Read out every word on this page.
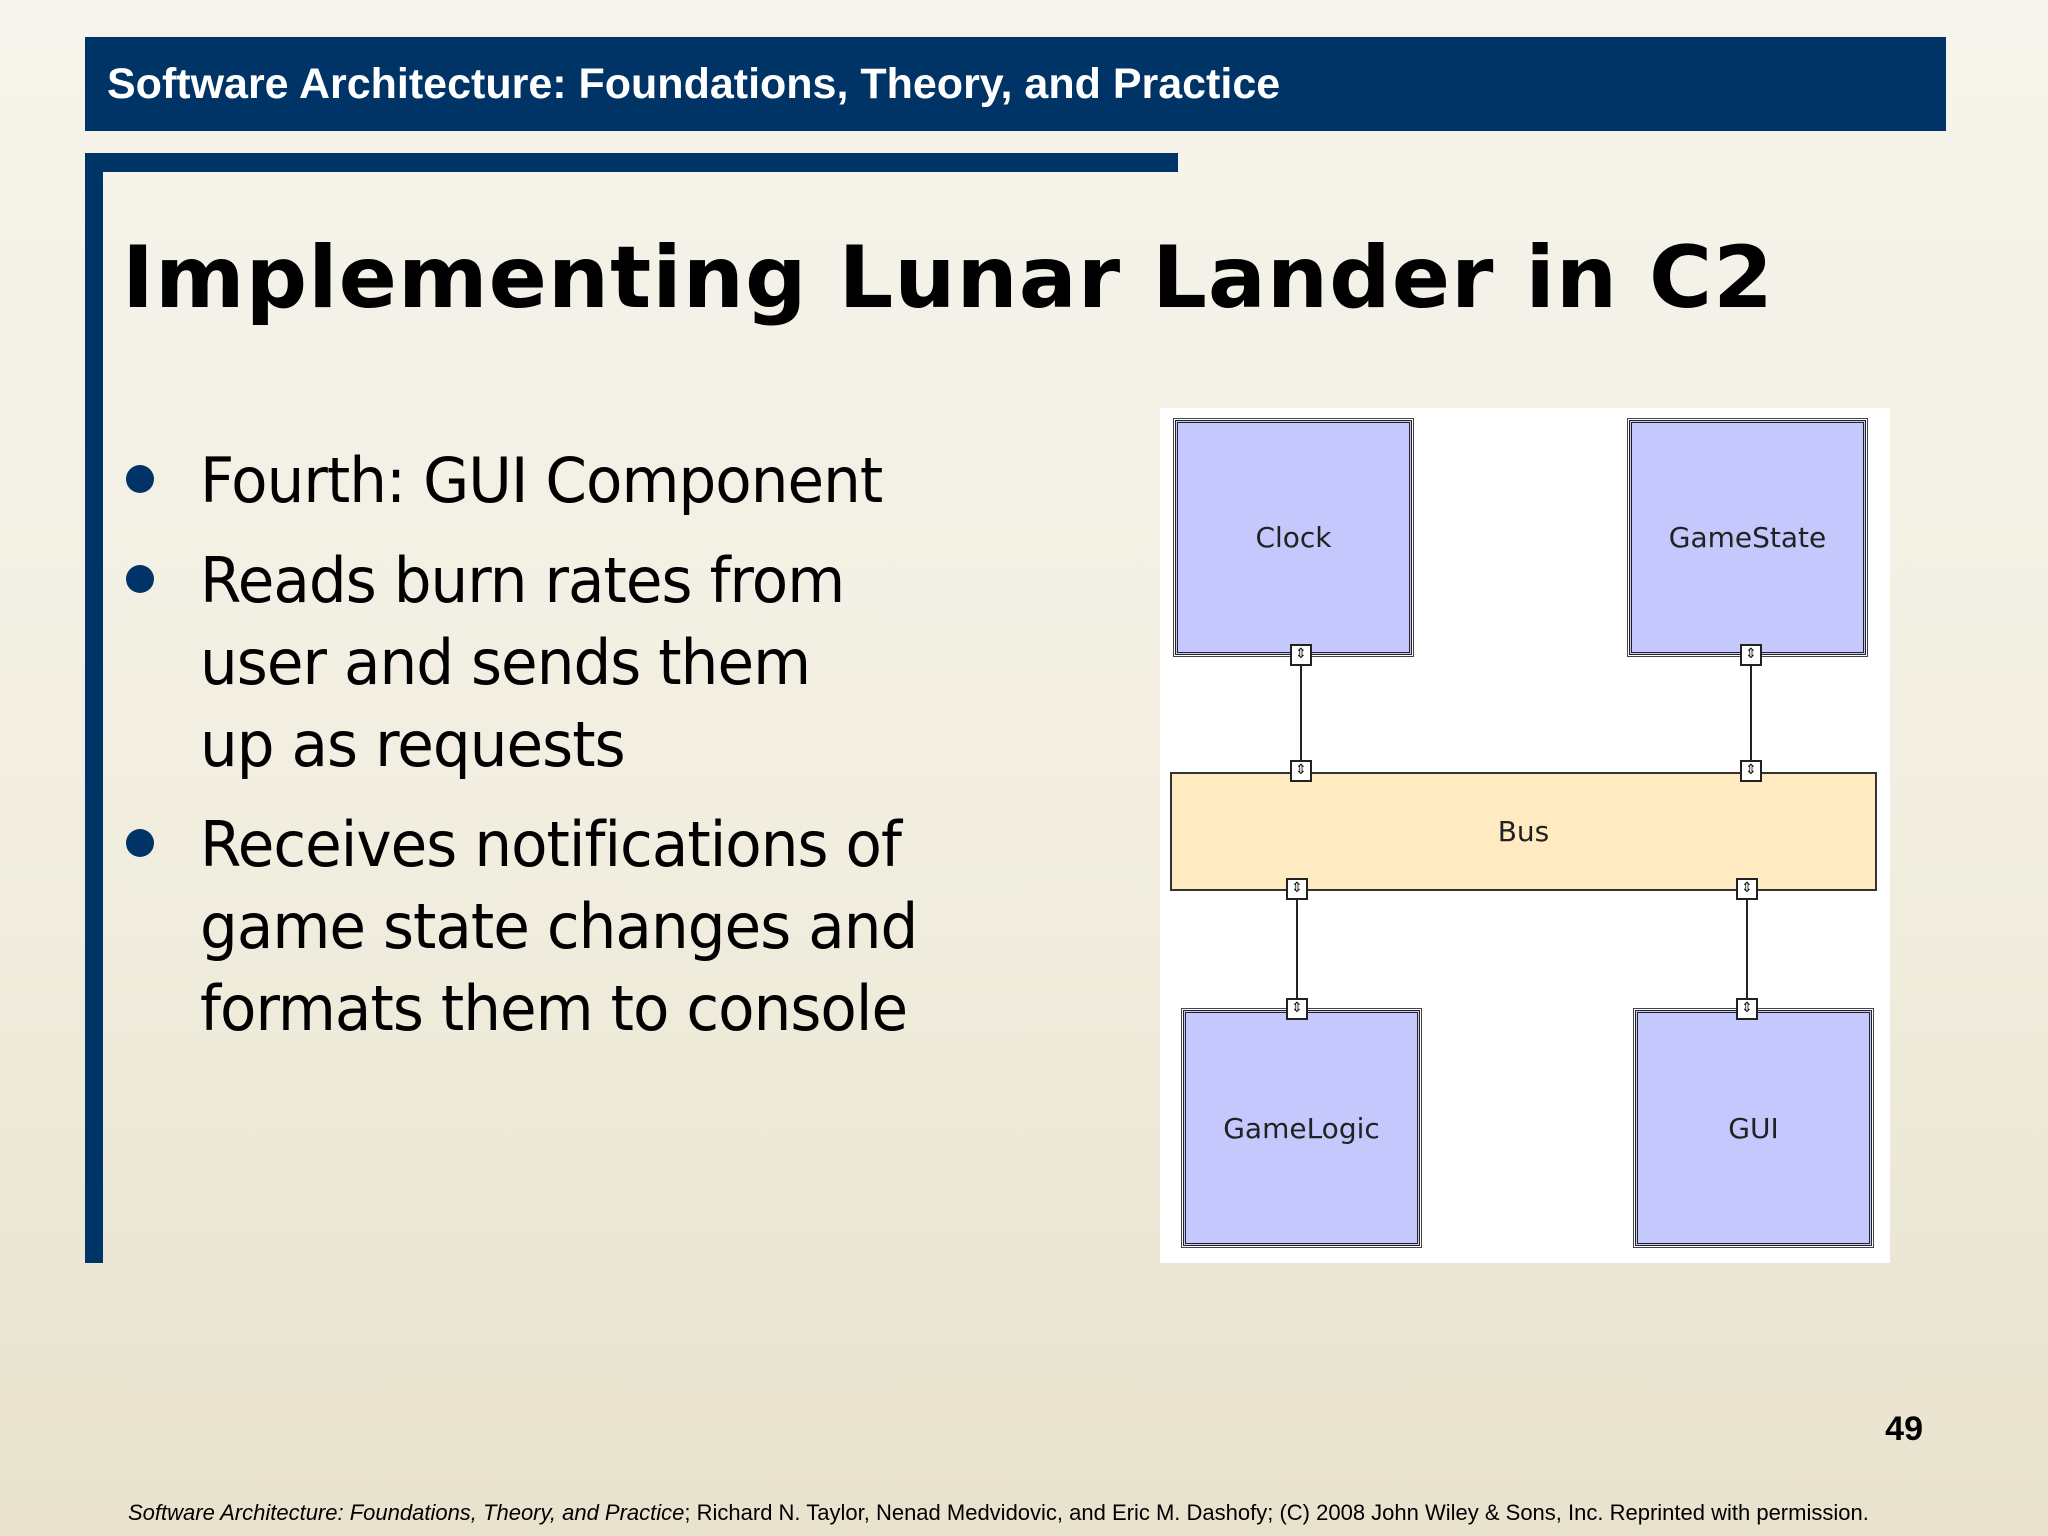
Software Architecture: Foundations, Theory, and Practice
Implementing Lunar Lander in C2
Fourth: GUI Component
Reads burn rates from user and sends them up as requests
Receives notifications of game state changes and formats them to console
Clock	GameState
Bus
GameLogic	GUI
⇕	⇕
⇕	⇕
⇕	⇕
⇕	⇕
49
Software Architecture: Foundations, Theory, and Practice; Richard N. Taylor, Nenad Medvidovic, and Eric M. Dashofy; (C) 2008 John Wiley & Sons, Inc. Reprinted with permission.
